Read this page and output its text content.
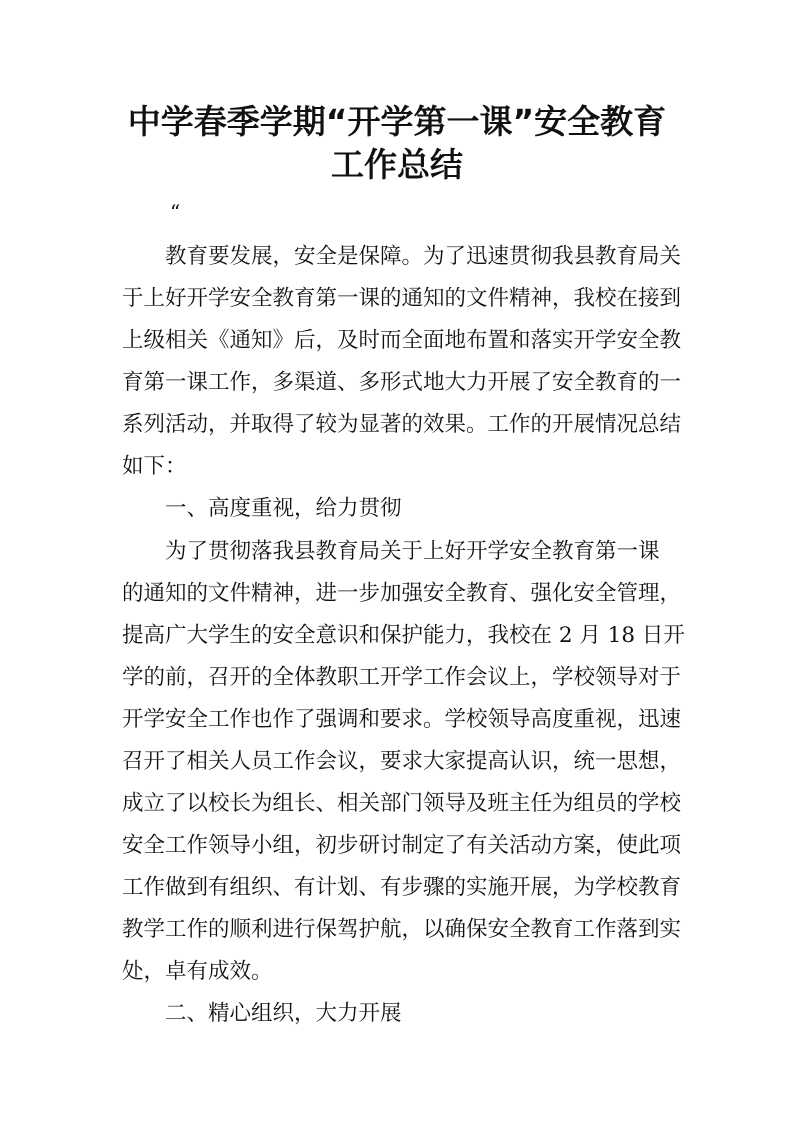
中学春季学期“开学第一课”安全教育
工作总结

“

教育要发展，安全是保障。为了迅速贯彻我县教育局关

于上好开学安全教育第一课的通知的文件精神，我校在接到

上级相关《通知》后，及时而全面地布置和落实开学安全教

育第一课工作，多渠道、多形式地大力开展了安全教育的一

系列活动，并取得了较为显著的效果。工作的开展情况总结

如下：

一、高度重视，给力贯彻

为了贯彻落我县教育局关于上好开学安全教育第一课

的通知的文件精神，进一步加强安全教育、强化安全管理，

提高广大学生的安全意识和保护能力，我校在 2 月 18 日开

学的前，召开的全体教职工开学工作会议上，学校领导对于

开学安全工作也作了强调和要求。学校领导高度重视，迅速

召开了相关人员工作会议，要求大家提高认识，统一思想，

成立了以校长为组长、相关部门领导及班主任为组员的学校

安全工作领导小组，初步研讨制定了有关活动方案，使此项

工作做到有组织、有计划、有步骤的实施开展，为学校教育

教学工作的顺利进行保驾护航，以确保安全教育工作落到实

处，卓有成效。

二、精心组织，大力开展
